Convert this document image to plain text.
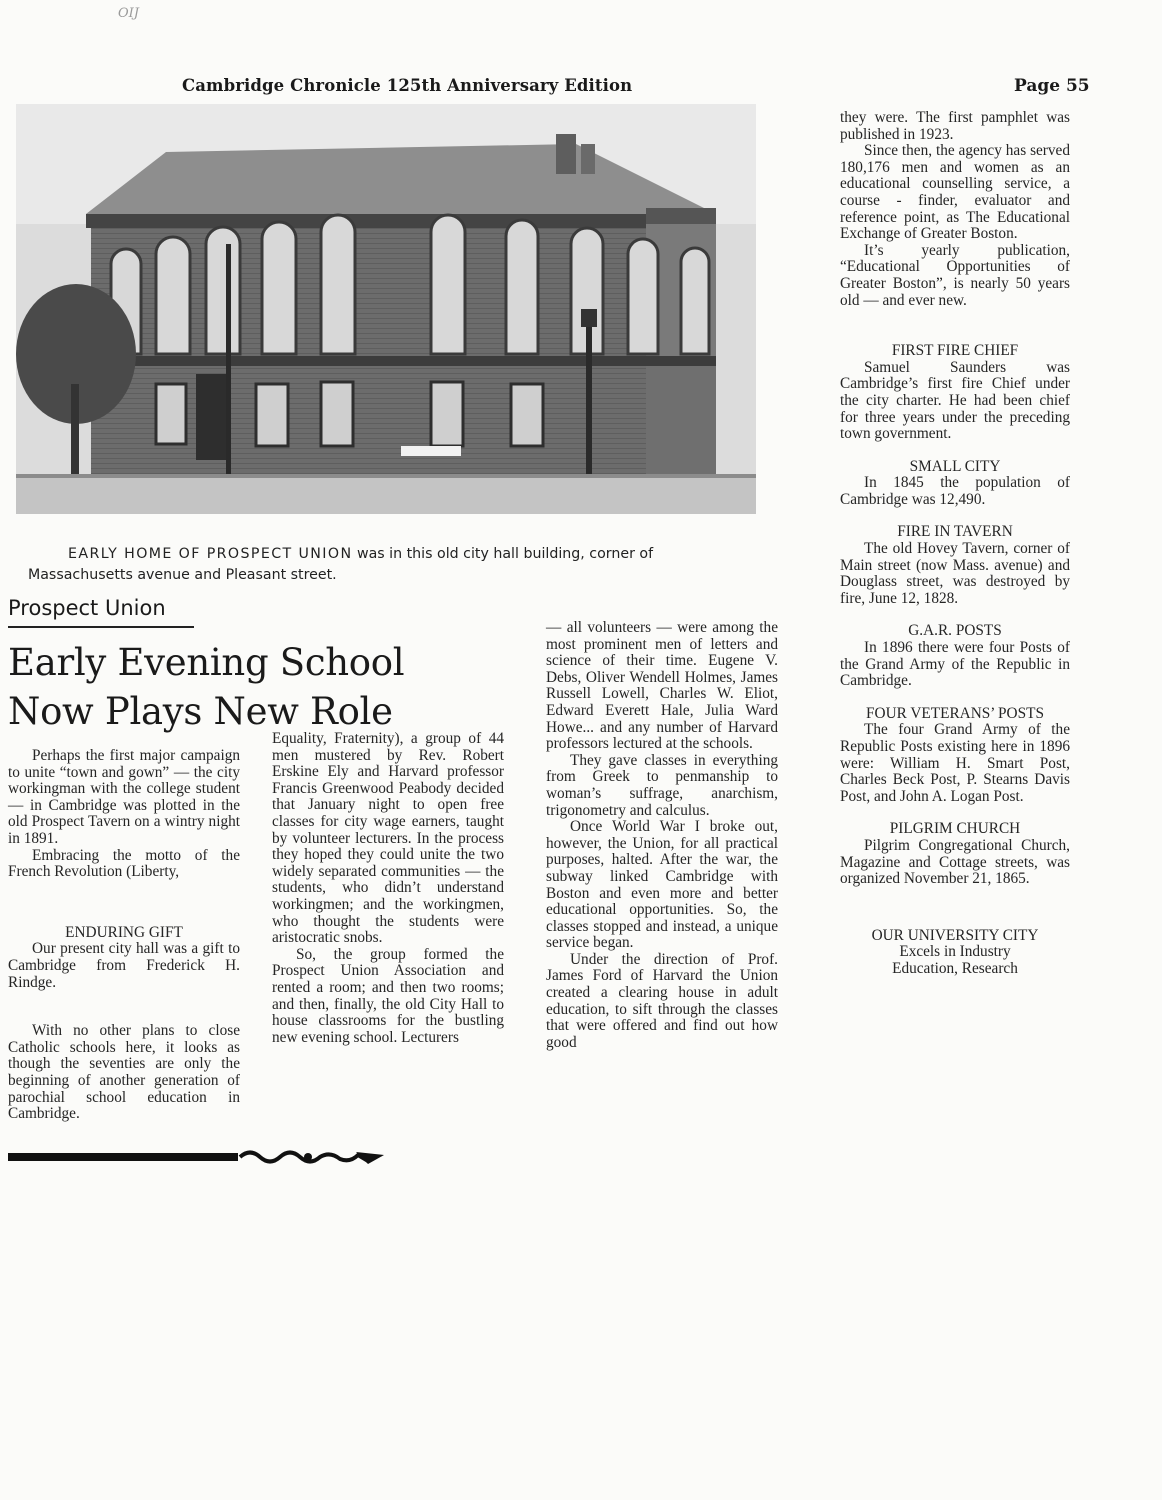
OIJ
Cambridge Chronicle 125th Anniversary Edition	Page 55
EARLY HOME OF PROSPECT UNION was in this old city hall building, corner of Massachusetts avenue and Pleasant street.
Prospect Union
Early Evening School
Now Plays New Role

Perhaps the first major campaign to unite “town and gown” — the city workingman with the college student — in Cambridge was plotted in the old Prospect Tavern on a wintry night in 1891.

Embracing the motto of the French Revolution (Liberty,

ENDURING GIFT

Our present city hall was a gift to Cambridge from Frederick H. Rindge.

With no other plans to close Catholic schools here, it looks as though the seventies are only the beginning of another generation of parochial school education in Cambridge.

Equality, Fraternity), a group of 44 men mustered by Rev. Robert Erskine Ely and Harvard professor Francis Greenwood Peabody decided that January night to open free classes for city wage earners, taught by volunteer lecturers. In the process they hoped they could unite the two widely separated communities — the students, who didn’t understand workingmen; and the workingmen, who thought the students were aristocratic snobs.

So, the group formed the Prospect Union Association and rented a room; and then two rooms; and then, finally, the old City Hall to house classrooms for the bustling new evening school. Lecturers

— all volunteers — were among the most prominent men of letters and science of their time. Eugene V. Debs, Oliver Wendell Holmes, James Russell Lowell, Charles W. Eliot, Edward Everett Hale, Julia Ward Howe... and any number of Harvard professors lectured at the schools.

They gave classes in everything from Greek to penmanship to woman’s suffrage, anarchism, trigonometry and calculus.

Once World War I broke out, however, the Union, for all practical purposes, halted. After the war, the subway linked Cambridge with Boston and even more and better educational opportunities. So, the classes stopped and instead, a unique service began.

Under the direction of Prof. James Ford of Harvard the Union created a clearing house in adult education, to sift through the classes that were offered and find out how good

they were. The first pamphlet was published in 1923.

Since then, the agency has served 180,176 men and women as an educational counselling service, a course - finder, evaluator and reference point, as The Educational Exchange of Greater Boston.

It’s yearly publication, “Educational Opportunities of Greater Boston”, is nearly 50 years old — and ever new.

FIRST FIRE CHIEF

Samuel Saunders was Cambridge’s first fire Chief under the city charter. He had been chief for three years under the preceding town government.

SMALL CITY

In 1845 the population of Cambridge was 12,490.

FIRE IN TAVERN

The old Hovey Tavern, corner of Main street (now Mass. avenue) and Douglass street, was destroyed by fire, June 12, 1828.

G.A.R. POSTS

In 1896 there were four Posts of the Grand Army of the Republic in Cambridge.

FOUR VETERANS’ POSTS

The four Grand Army of the Republic Posts existing here in 1896 were: William H. Smart Post, Charles Beck Post, P. Stearns Davis Post, and John A. Logan Post.

PILGRIM CHURCH

Pilgrim Congregational Church, Magazine and Cottage streets, was organized November 21, 1865.

OUR UNIVERSITY CITY

Excels in Industry

Education, Research
